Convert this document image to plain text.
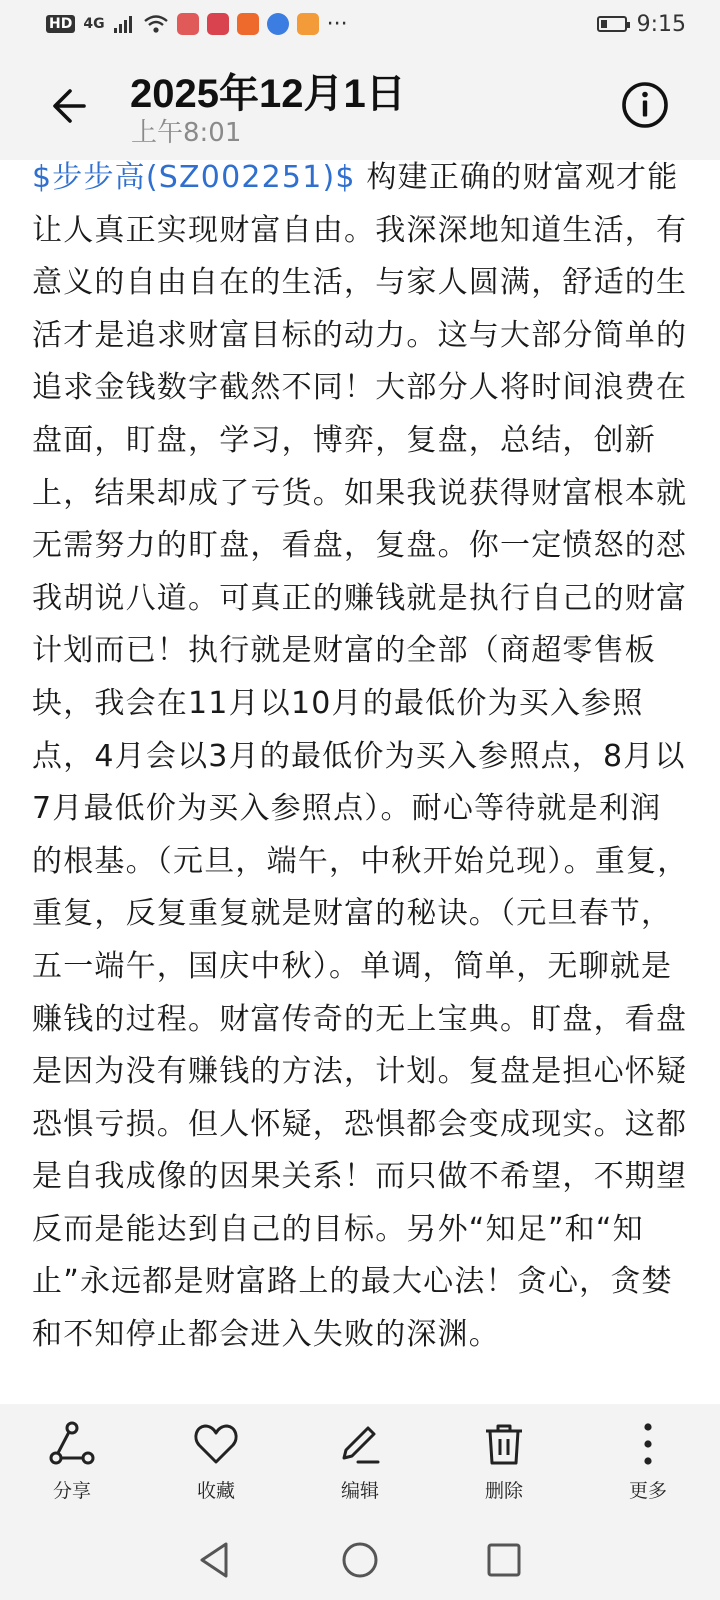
HD 4G	···	9:15
2025年12月1日
上午8:01
$步步高(SZ002251)$ 构建正确的财富观才能让人真正实现财富自由。我深深地知道生活，有意义的自由自在的生活，与家人圆满，舒适的生活才是追求财富目标的动力。这与大部分简单的追求金钱数字截然不同！大部分人将时间浪费在盘面，盯盘，学习，博弈，复盘，总结，创新上，结果却成了亏货。如果我说获得财富根本就无需努力的盯盘，看盘，复盘。你一定愤怒的怼我胡说八道。可真正的赚钱就是执行自己的财富计划而已！执行就是财富的全部（商超零售板块，我会在11月以10月的最低价为买入参照点，4月会以3月的最低价为买入参照点，8月以7月最低价为买入参照点）。耐心等待就是利润的根基。（元旦，端午，中秋开始兑现）。重复，重复，反复重复就是财富的秘诀。（元旦春节，五一端午，国庆中秋）。单调，简单，无聊就是赚钱的过程。财富传奇的无上宝典。盯盘，看盘是因为没有赚钱的方法，计划。复盘是担心怀疑恐惧亏损。但人怀疑，恐惧都会变成现实。这都是自我成像的因果关系！而只做不希望，不期望反而是能达到自己的目标。另外“知足”和“知止”永远都是财富路上的最大心法！贪心，贪婪和不知停止都会进入失败的深渊。
分享	收藏	编辑	删除	更多
